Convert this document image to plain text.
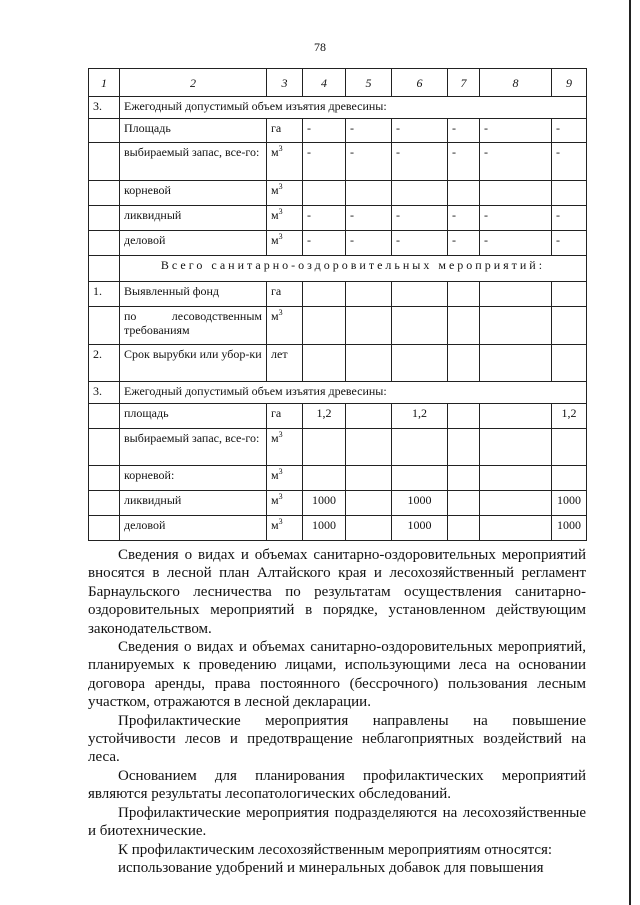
78
1	2	3	4	5	6	7	8	9
3.	Ежегодный допустимый объем изъятия древесины:							
	Площадь	га	-	-	-	-	-	-
	выбираемый запас, все-го:	$м^3$	-	-	-	-	-	-
	корневой	$м^3$						
	ликвидный	$м^3$	-	-	-	-	-	-
	деловой	$м^3$	-	-	-	-	-	-
	Всего санитарно-оздоровительных мероприятий:							
1.	Выявленный фонд	га						
	по лесоводственным требованиям	$м^3$						
2.	Срок вырубки или убор-ки	лет						
3.	Ежегодный допустимый объем изъятия древесины:							
	площадь	га	1,2		1,2			1,2
	выбираемый запас, все-го:	$м^3$						
	корневой:	$м^3$						
	ликвидный	$м^3$	1000		1000			1000
	деловой	$м^3$	1000		1000			1000

Сведения о видах и объемах санитарно-оздоровительных мероприятий вносятся в лесной план Алтайского края и лесохозяйственный регламент Барнаульского лесничества по результатам осуществления санитарно-оздоровительных мероприятий в порядке, установленном действующим законодательством.

Сведения о видах и объемах санитарно-оздоровительных мероприятий, планируемых к проведению лицами, использующими леса на основании договора аренды, права постоянного (бессрочного) пользования лесным участком, отражаются в лесной декларации.

Профилактические мероприятия направлены на повышение устойчивости лесов и предотвращение неблагоприятных воздействий на леса.

Основанием для планирования профилактических мероприятий являются результаты лесопатологических обследований.

Профилактические мероприятия подразделяются на лесохозяйственные и биотехнические.

К профилактическим лесохозяйственным мероприятиям относятся:

использование удобрений и минеральных добавок для повышения
